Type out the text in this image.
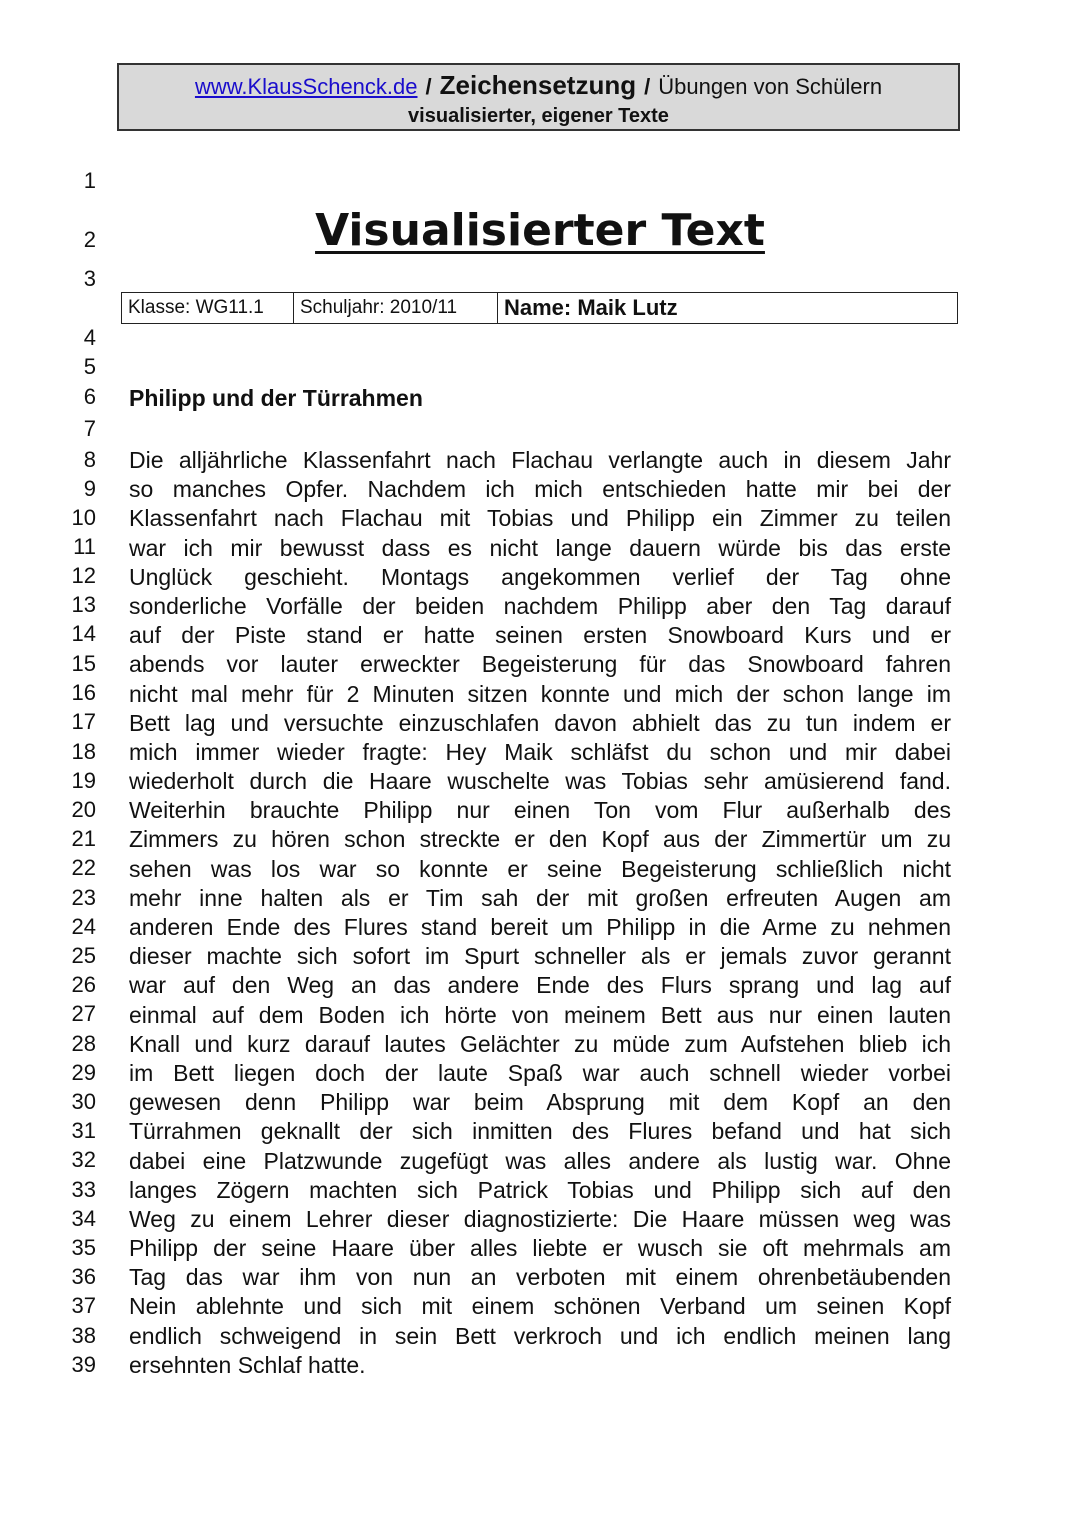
www.KlausSchenck.de / Zeichensetzung / Übungen von Schülern
visualisierter, eigener Texte
Visualisierter Text
Klasse: WG11.1	Schuljahr: 2010/11	Name: Maik Lutz
1
2
3
4
5
6
7
8
9
10
11
12
13
14
15
16
17
18
19
20
21
22
23
24
25
26
27
28
29
30
31
32
33
34
35
36
37
38
39
Philipp und der Türrahmen
Die alljährliche Klassenfahrt nach Flachau verlangte auch in diesem Jahr
so manches Opfer. Nachdem ich mich entschieden hatte mir bei der
Klassenfahrt nach Flachau mit Tobias und Philipp ein Zimmer zu teilen
war ich mir bewusst dass es nicht lange dauern würde bis das erste
Unglück geschieht. Montags angekommen verlief der Tag ohne
sonderliche Vorfälle der beiden nachdem Philipp aber den Tag darauf
auf der Piste stand er hatte seinen ersten Snowboard Kurs und er
abends vor lauter erweckter Begeisterung für das Snowboard fahren
nicht mal mehr für 2 Minuten sitzen konnte und mich der schon lange im
Bett lag und versuchte einzuschlafen davon abhielt das zu tun indem er
mich immer wieder fragte: Hey Maik schläfst du schon und mir dabei
wiederholt durch die Haare wuschelte was Tobias sehr amüsierend fand.
Weiterhin brauchte Philipp nur einen Ton vom Flur außerhalb des
Zimmers zu hören schon streckte er den Kopf aus der Zimmertür um zu
sehen was los war so konnte er seine Begeisterung schließlich nicht
mehr inne halten als er Tim sah der mit großen erfreuten Augen am
anderen Ende des Flures stand bereit um Philipp in die Arme zu nehmen
dieser machte sich sofort im Spurt schneller als er jemals zuvor gerannt
war auf den Weg an das andere Ende des Flurs sprang und lag auf
einmal auf dem Boden ich hörte von meinem Bett aus nur einen lauten
Knall und kurz darauf lautes Gelächter zu müde zum Aufstehen blieb ich
im Bett liegen doch der laute Spaß war auch schnell wieder vorbei
gewesen denn Philipp war beim Absprung mit dem Kopf an den
Türrahmen geknallt der sich inmitten des Flures befand und hat sich
dabei eine Platzwunde zugefügt was alles andere als lustig war. Ohne
langes Zögern machten sich Patrick Tobias und Philipp sich auf den
Weg zu einem Lehrer dieser diagnostizierte: Die Haare müssen weg was
Philipp der seine Haare über alles liebte er wusch sie oft mehrmals am
Tag das war ihm von nun an verboten mit einem ohrenbetäubenden
Nein ablehnte und sich mit einem schönen Verband um seinen Kopf
endlich schweigend in sein Bett verkroch und ich endlich meinen lang
ersehnten Schlaf hatte.
